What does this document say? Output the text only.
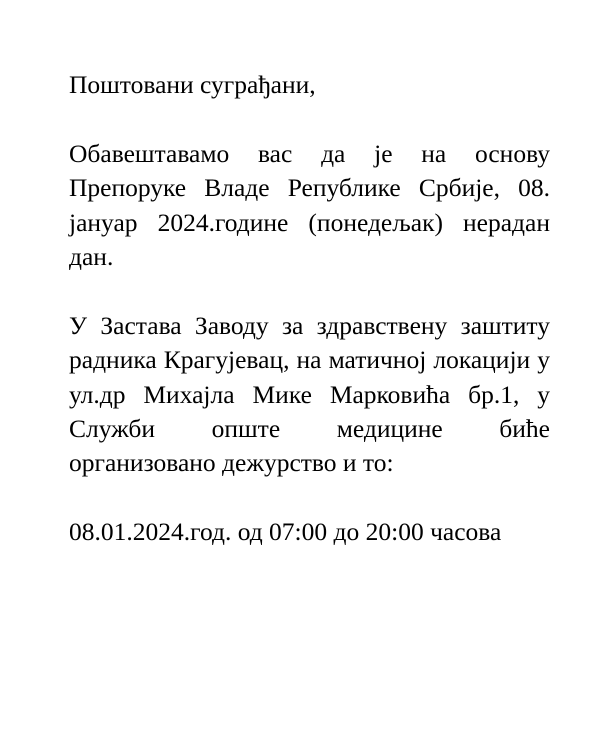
Поштовани суграђани,

Обавештавамо вас да је на основу Препоруке Владе Републике Србије, 08. јануар 2024.године (понедељак) нерадан дан.

У Застава Заводу за здравствену заштиту радника Крагујевац, на матичној локацији у ул.др Михајла Мике Марковића бр.1, у Служби опште медицине биће организовано дежурство и то:

08.01.2024.год. од 07:00 до 20:00 часова
